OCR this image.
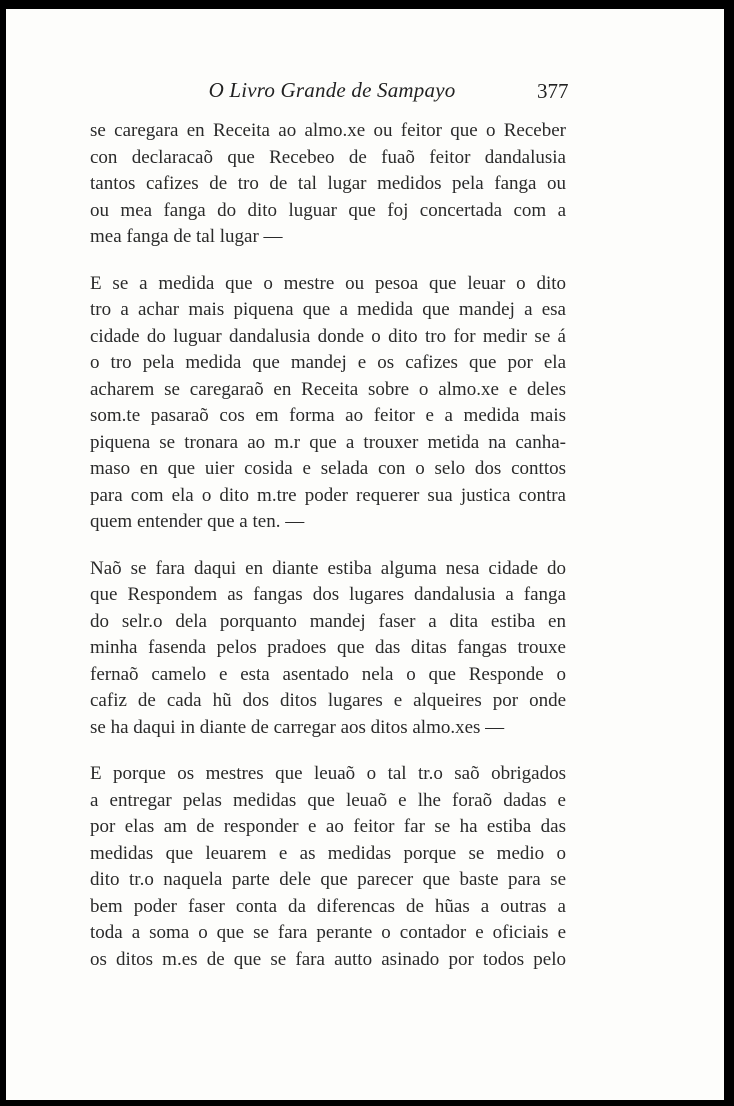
O Livro Grande de Sampayo	377

se caregara en Receita ao almo.xe ou feitor que o Receber
con declaracaõ que Recebeo de fuaõ feitor dandalusia
tantos cafizes de tro de tal lugar medidos pela fanga ou
ou mea fanga do dito luguar que foj concertada com a
mea fanga de tal lugar —

E se a medida que o mestre ou pesoa que leuar o dito
tro a achar mais piquena que a medida que mandej a esa
cidade do luguar dandalusia donde o dito tro for medir se á
o tro pela medida que mandej e os cafizes que por ela
acharem se caregaraõ en Receita sobre o almo.xe e deles
som.te pasaraõ cos em forma ao feitor e a medida mais
piquena se tronara ao m.r que a trouxer metida na canha-
maso en que uier cosida e selada con o selo dos conttos
para com ela o dito m.tre poder requerer sua justica contra
quem entender que a ten. —

Naõ se fara daqui en diante estiba alguma nesa cidade do
que Respondem as fangas dos lugares dandalusia a fanga
do selr.o dela porquanto mandej faser a dita estiba en
minha fasenda pelos pradoes que das ditas fangas trouxe
fernaõ camelo e esta asentado nela o que Responde o
cafiz de cada hũ dos ditos lugares e alqueires por onde
se ha daqui in diante de carregar aos ditos almo.xes —

E porque os mestres que leuaõ o tal tr.o saõ obrigados
a entregar pelas medidas que leuaõ e lhe foraõ dadas e
por elas am de responder e ao feitor far se ha estiba das
medidas que leuarem e as medidas porque se medio o
dito tr.o naquela parte dele que parecer que baste para se
bem poder faser conta da diferencas de hũas a outras a
toda a soma o que se fara perante o contador e oficiais e
os ditos m.es de que se fara autto asinado por todos pelo
